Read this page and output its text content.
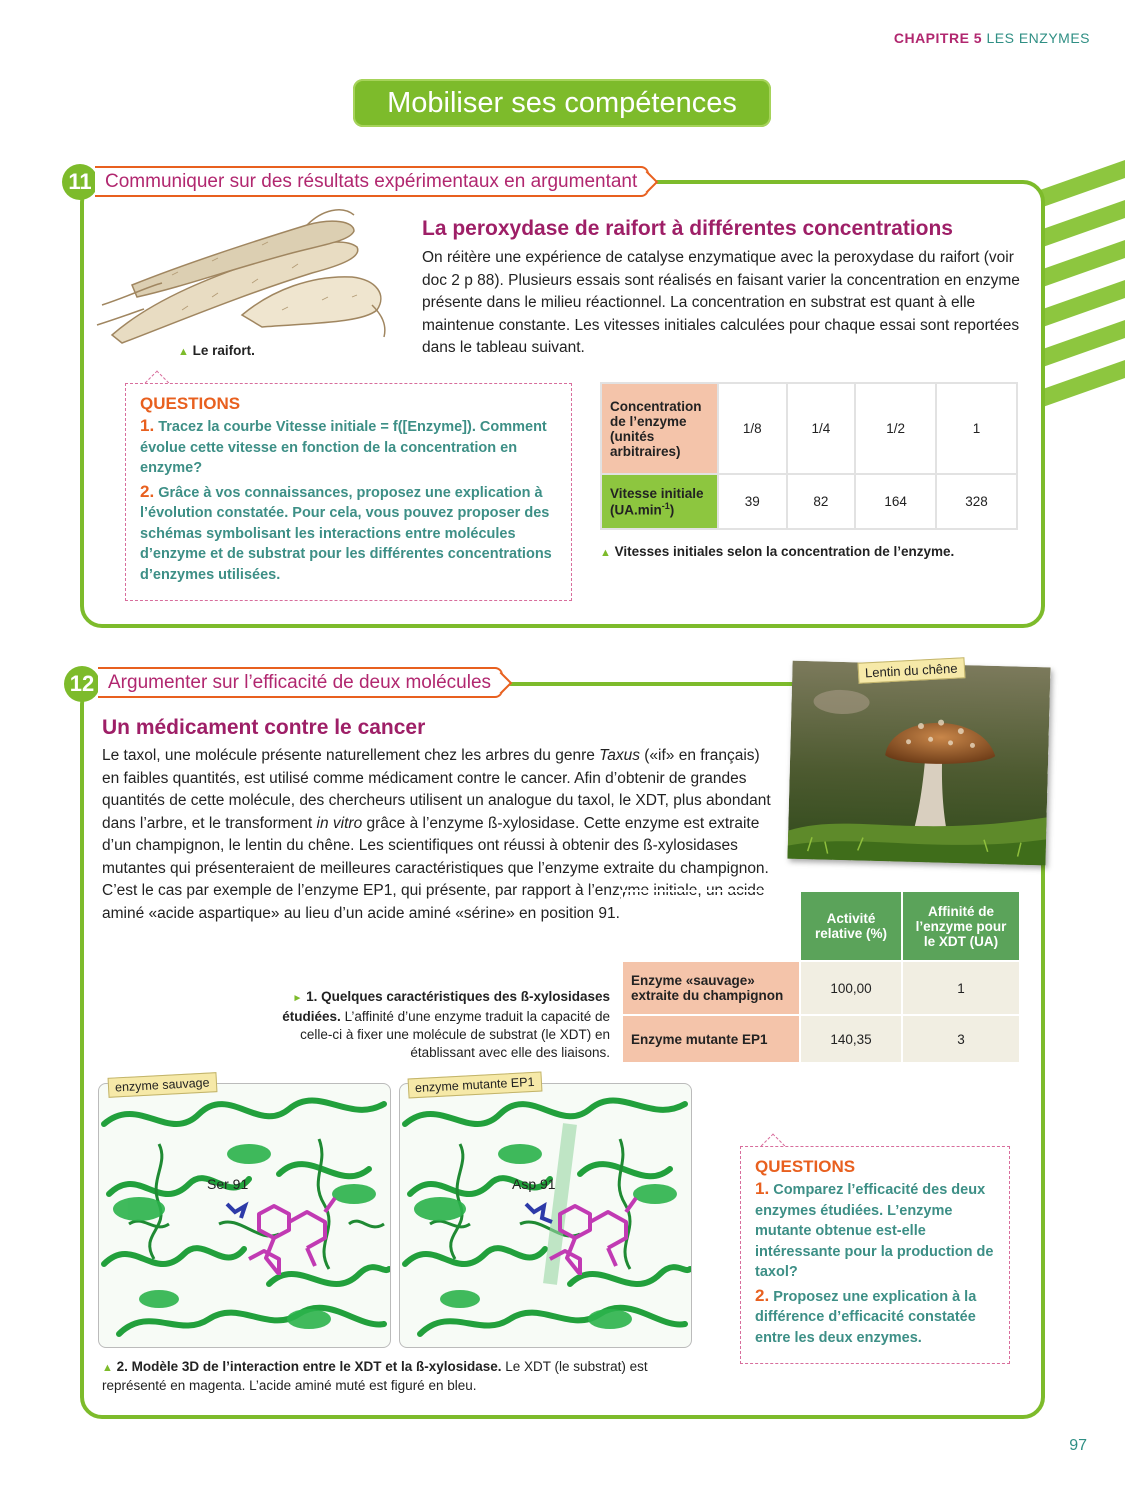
CHAPITRE 5 LES ENZYMES
Mobiliser ses compétences
11 Communiquer sur des résultats expérimentaux en argumentant
▲ Le raifort.
La peroxydase de raifort à différentes concentrations

On réitère une expérience de catalyse enzymatique avec la peroxydase du raifort (voir doc 2 p 88). Plusieurs essais sont réalisés en faisant varier la concentration en enzyme présente dans le milieu réactionnel. La concentration en substrat est quant à elle maintenue constante. Les vitesses initiales calculées pour chaque essai sont reportées dans le tableau suivant.

QUESTIONS
1. Tracez la courbe Vitesse initiale = f([Enzyme]). Comment évolue cette vitesse en fonction de la concentration en enzyme?
2. Grâce à vos connaissances, proposez une explication à l’évolution constatée. Pour cela, vous pouvez proposer des schémas symbolisant les interactions entre molécules d’enzyme et de substrat pour les différentes concentrations d’enzymes utilisées.
Concentration de l’enzyme (unités arbitraires)	1/8	1/4	1/2	1
Vitesse initiale $(UA.\min^{-1})$	39	82	164	328
▲ Vitesses initiales selon la concentration de l’enzyme.
12 Argumenter sur l’efficacité de deux molécules
Lentin du chêne
Un médicament contre le cancer

Le taxol, une molécule présente naturellement chez les arbres du genre Taxus («if» en français) en faibles quantités, est utilisé comme médicament contre le cancer. Afin d’obtenir de grandes quantités de cette molécule, des chercheurs utilisent un analogue du taxol, le XDT, plus abondant dans l’arbre, et le transforment in vitro grâce à l’enzyme ß-xylosidase. Cette enzyme est extraite d’un champignon, le lentin du chêne. Les scientifiques ont réussi à obtenir des ß-xylosidases mutantes qui présenteraient de meilleures caractéristiques que l’enzyme extraite du champignon. C’est le cas par exemple de l’enzyme EP1, qui présente, par rapport à l’enzyme initiale, un acide aminé «acide aspartique» au lieu d’un acide aminé «sérine» en position 91.

► 1. Quelques caractéristiques des ß-xylosidases étudiées. L’affinité d’une enzyme traduit la capacité de celle-ci à fixer une molécule de substrat (le XDT) en établissant avec elle des liaisons.
	Activité relative (%)	Affinité de l’enzyme pour le XDT (UA)
Enzyme «sauvage» extraite du champignon	100,00	1
Enzyme mutante EP1	140,35	3
Ser 91
enzyme sauvage
Asp 91
enzyme mutante EP1
▲ 2. Modèle 3D de l’interaction entre le XDT et la ß-xylosidase. Le XDT (le substrat) est représenté en magenta. L’acide aminé muté est figuré en bleu.
QUESTIONS
1. Comparez l’efficacité des deux enzymes étudiées. L’enzyme mutante obtenue est-elle intéressante pour la production de taxol?
2. Proposez une explication à la différence d’efficacité constatée entre les deux enzymes.
97
